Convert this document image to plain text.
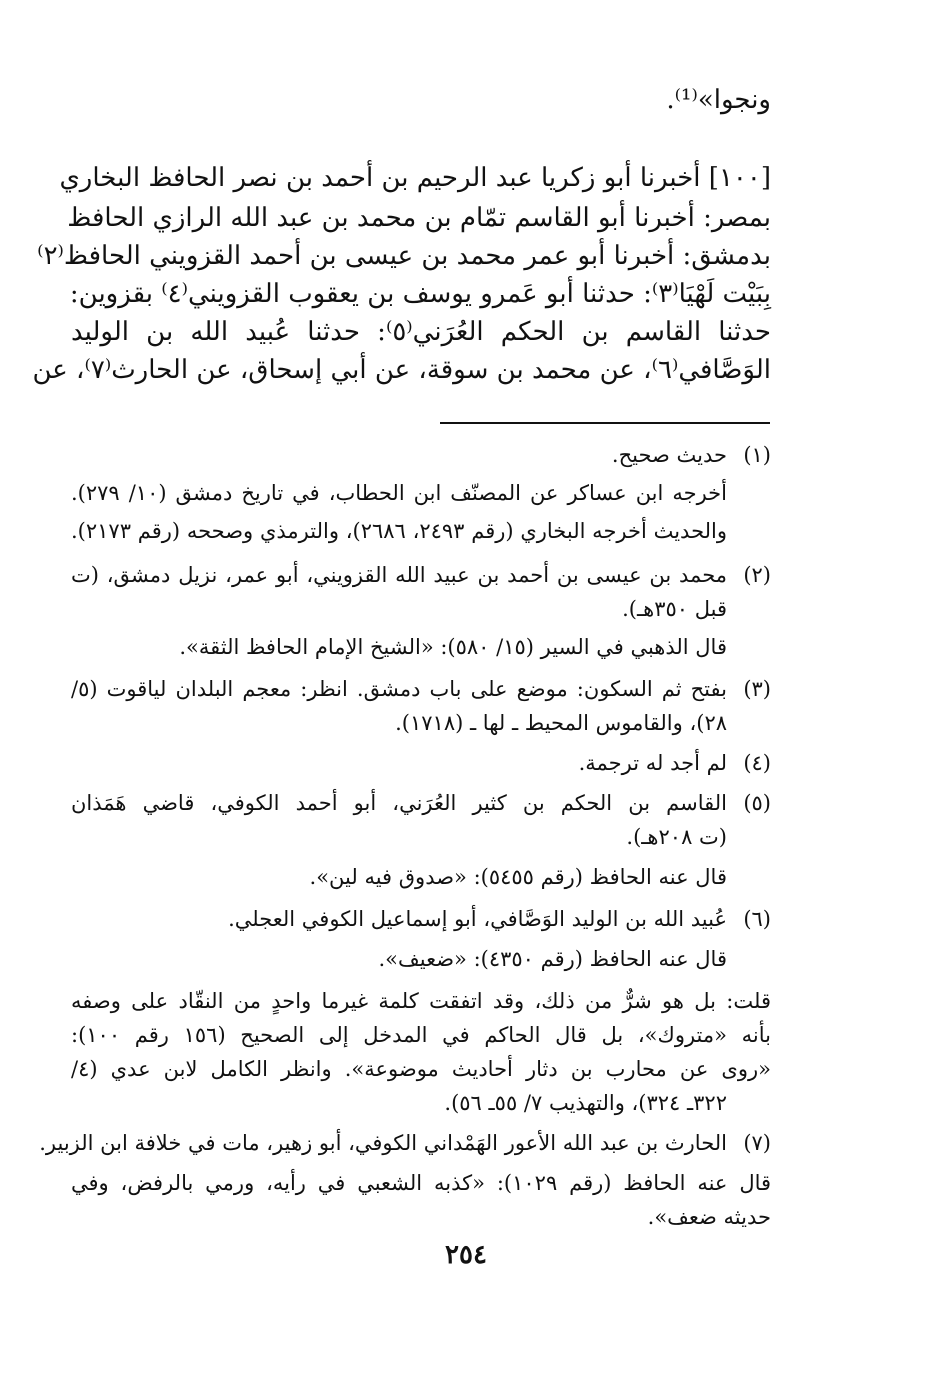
ونجوا»⁽¹⁾.
[١٠٠] أخبرنا أبو زكريا عبد الرحيم بن أحمد بن نصر الحافظ البخاري
بمصر: أخبرنا أبو القاسم تمّام بن محمد بن عبد الله الرازي الحافظ
بدمشق: أخبرنا أبو عمر محمد بن عيسى بن أحمد القزويني الحافظ⁽٢⁾
بِبَيْت لَهْيَا⁽٣⁾: حدثنا أبو عَمرو يوسف بن يعقوب القزويني⁽٤⁾ بقزوين:
حدثنا القاسم بن الحكم العُرَني⁽٥⁾: حدثنا عُبيد الله بن الوليد
الوَصَّافي⁽٦⁾، عن محمد بن سوقة، عن أبي إسحاق، عن الحارث⁽٧⁾، عن
(١)
حديث صحيح.
أخرجه ابن عساكر عن المصنّف ابن الحطاب، في تاريخ دمشق (١٠/ ٢٧٩).
والحديث أخرجه البخاري (رقم ٢٤٩٣، ٢٦٨٦)، والترمذي وصححه (رقم ٢١٧٣).
(٢)
محمد بن عيسى بن أحمد بن عبيد الله القزويني، أبو عمر، نزيل دمشق، (ت
قبل ٣٥٠هـ).
قال الذهبي في السير (١٥/ ٥٨٠): «الشيخ الإمام الحافظ الثقة».
(٣)
بفتح ثم السكون: موضع على باب دمشق. انظر: معجم البلدان لياقوت (٥/
٢٨)، والقاموس المحيط ـ لها ـ (١٧١٨).
(٤)
لم أجد له ترجمة.
(٥)
القاسم بن الحكم بن كثير العُرَني، أبو أحمد الكوفي، قاضي هَمَذان
(ت ٢٠٨هـ).
قال عنه الحافظ (رقم ٥٤٥٥): «صدوق فيه لين».
(٦)
عُبيد الله بن الوليد الوَصَّافي، أبو إسماعيل الكوفي العجلي.
قال عنه الحافظ (رقم ٤٣٥٠): «ضعيف».
قلت: بل هو شرٌّ من ذلك، وقد اتفقت كلمة غيرما واحدٍ من النقّاد على وصفه
بأنه «متروك»، بل قال الحاكم في المدخل إلى الصحيح (١٥٦ رقم ١٠٠):
«روى عن محارب بن دثار أحاديث موضوعة». وانظر الكامل لابن عدي (٤/
٣٢٢ـ ٣٢٤)، والتهذيب ٧/ ٥٥ـ ٥٦).
(٧)
الحارث بن عبد الله الأعور الهَمْداني الكوفي، أبو زهير، مات في خلافة ابن الزبير.
قال عنه الحافظ (رقم ١٠٢٩): «كذبه الشعبي في رأيه، ورمي بالرفض، وفي
حديثه ضعف».
٢٥٤
